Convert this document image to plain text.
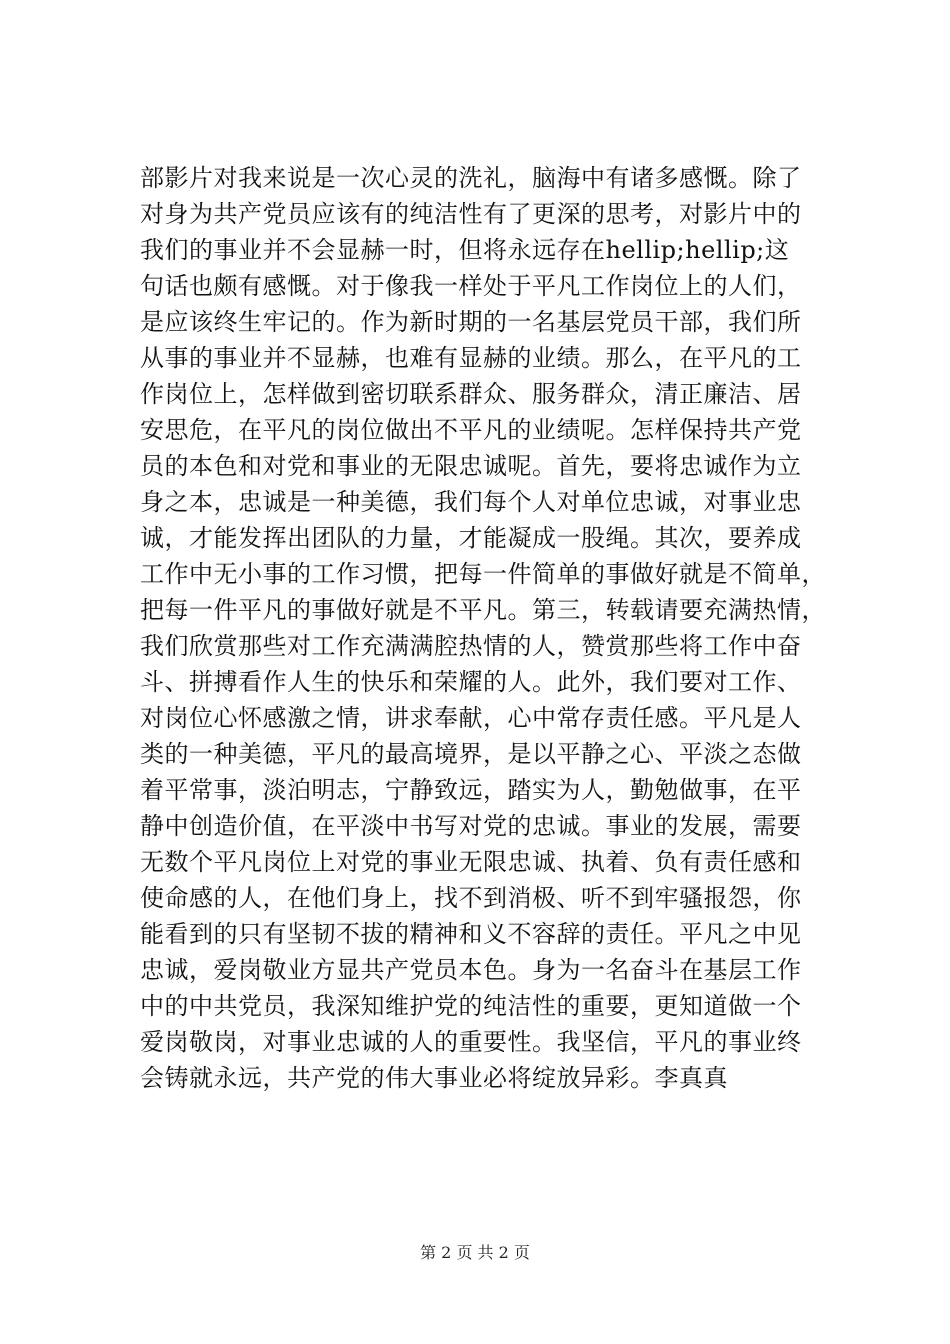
部影片对我来说是一次心灵的洗礼，脑海中有诸多感慨。除了
对身为共产党员应该有的纯洁性有了更深的思考，对影片中的
我们的事业并不会显赫一时，但将永远存在hellip;hellip;这
句话也颇有感慨。对于像我一样处于平凡工作岗位上的人们，
是应该终生牢记的。作为新时期的一名基层党员干部，我们所
从事的事业并不显赫，也难有显赫的业绩。那么，在平凡的工
作岗位上，怎样做到密切联系群众、服务群众，清正廉洁、居
安思危，在平凡的岗位做出不平凡的业绩呢。怎样保持共产党
员的本色和对党和事业的无限忠诚呢。首先，要将忠诚作为立
身之本，忠诚是一种美德，我们每个人对单位忠诚，对事业忠
诚，才能发挥出团队的力量，才能凝成一股绳。其次，要养成
工作中无小事的工作习惯，把每一件简单的事做好就是不简单，
把每一件平凡的事做好就是不平凡。第三，转载请要充满热情，
我们欣赏那些对工作充满满腔热情的人，赞赏那些将工作中奋
斗、拼搏看作人生的快乐和荣耀的人。此外，我们要对工作、
对岗位心怀感激之情，讲求奉献，心中常存责任感。平凡是人
类的一种美德，平凡的最高境界，是以平静之心、平淡之态做
着平常事，淡泊明志，宁静致远，踏实为人，勤勉做事，在平
静中创造价值，在平淡中书写对党的忠诚。事业的发展，需要
无数个平凡岗位上对党的事业无限忠诚、执着、负有责任感和
使命感的人，在他们身上，找不到消极、听不到牢骚报怨，你
能看到的只有坚韧不拔的精神和义不容辞的责任。平凡之中见
忠诚，爱岗敬业方显共产党员本色。身为一名奋斗在基层工作
中的中共党员，我深知维护党的纯洁性的重要，更知道做一个
爱岗敬岗，对事业忠诚的人的重要性。我坚信，平凡的事业终
会铸就永远，共产党的伟大事业必将绽放异彩。李真真
第 2 页 共 2 页
